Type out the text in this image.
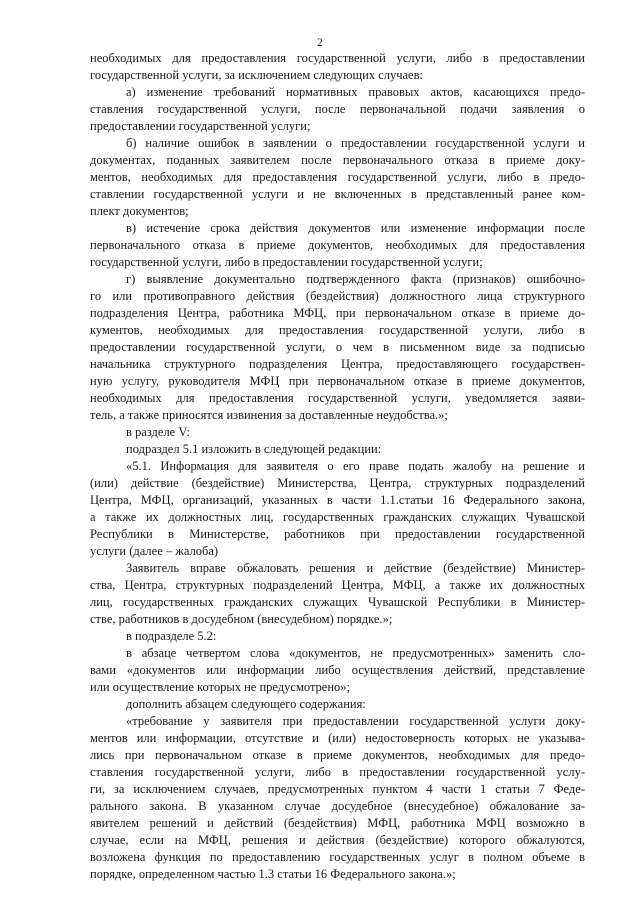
2
необходимых для предоставления государственной услуги, либо в предоставлении
государственной услуги, за исключением следующих случаев:
а) изменение требований нормативных правовых актов, касающихся предо-
ставления государственной услуги, после первоначальной подачи заявления о
предоставлении государственной услуги;
б) наличие ошибок в заявлении о предоставлении государственной услуги и
документах, поданных заявителем после первоначального отказа в приеме доку-
ментов, необходимых для предоставления государственной услуги, либо в предо-
ставлении государственной услуги и не включенных в представленный ранее ком-
плект документов;
в) истечение срока действия документов или изменение информации после
первоначального отказа в приеме документов, необходимых для предоставления
государственной услуги, либо в предоставлении государственной услуги;
г) выявление документально подтвержденного факта (признаков) ошибочно-
го или противоправного действия (бездействия) должностного лица структурного
подразделения Центра, работника МФЦ, при первоначальном отказе в приеме до-
кументов, необходимых для предоставления государственной услуги, либо в
предоставлении государственной услуги, о чем в письменном виде за подписью
начальника структурного подразделения Центра, предоставляющего государствен-
ную услугу, руководителя МФЦ при первоначальном отказе в приеме документов,
необходимых для предоставления государственной услуги, уведомляется заяви-
тель, а также приносятся извинения за доставленные неудобства.»;
в разделе V:
подраздел 5.1 изложить в следующей редакции:
«5.1. Информация для заявителя о его праве подать жалобу на решение и
(или) действие (бездействие) Министерства, Центра, структурных подразделений
Центра, МФЦ, организаций, указанных в части 1.1.статьи 16 Федерального закона,
а также их должностных лиц, государственных гражданских служащих Чувашской
Республики в Министерстве, работников при предоставлении государственной
услуги (далее – жалоба)
Заявитель вправе обжаловать решения и действие (бездействие) Министер-
ства, Центра, структурных подразделений Центра, МФЦ, а также их должностных
лиц, государственных гражданских служащих Чувашской Республики в Министер-
стве, работников в досудебном (внесудебном) порядке.»;
в подразделе 5.2:
в абзаце четвертом слова «документов, не предусмотренных» заменить сло-
вами «документов или информации либо осуществления действий, представление
или осуществление которых не предусмотрено»;
дополнить абзацем следующего содержания:
«требование у заявителя при предоставлении государственной услуги доку-
ментов или информации, отсутствие и (или) недостоверность которых не указыва-
лись при первоначальном отказе в приеме документов, необходимых для предо-
ставления государственной услуги, либо в предоставлении государственной услу-
ги, за исключением случаев, предусмотренных пунктом 4 части 1 статьи 7 Феде-
рального закона. В указанном случае досудебное (внесудебное) обжалование за-
явителем решений и действий (бездействия) МФЦ, работника МФЦ возможно в
случае, если на МФЦ, решения и действия (бездействие) которого обжалуются,
возложена функция по предоставлению государственных услуг в полном объеме в
порядке, определенном частью 1.3 статьи 16 Федерального закона.»;
